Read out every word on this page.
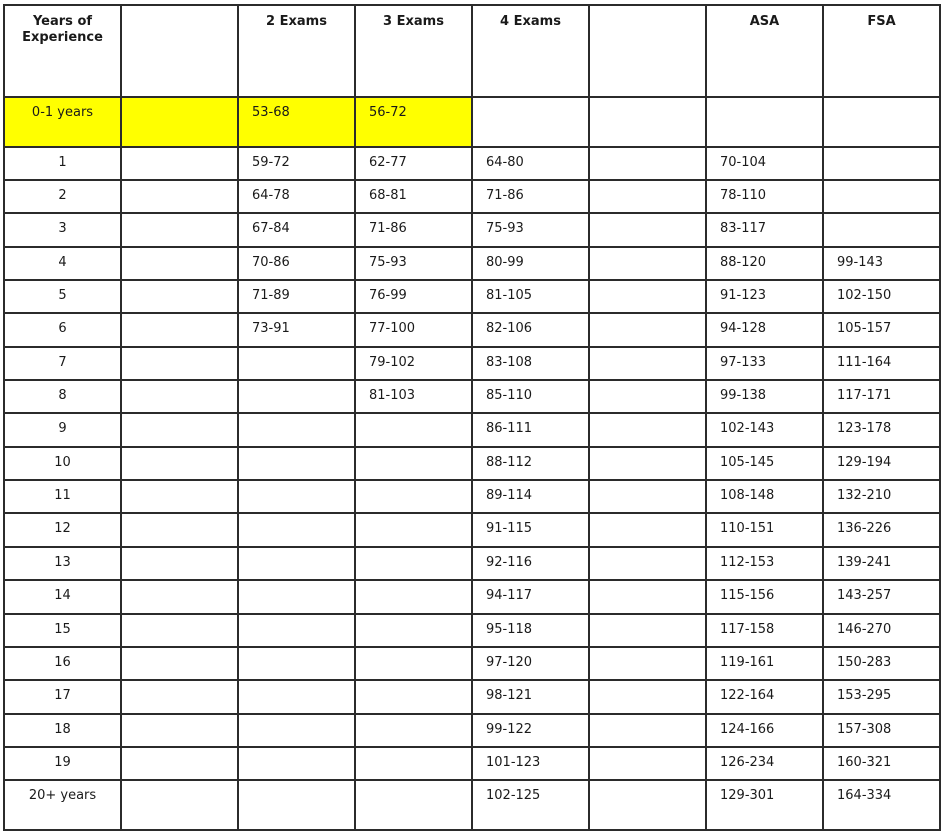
Years of Experience		2 Exams	3 Exams	4 Exams		ASA	FSA
0-1 years		53-68	56-72				
1		59-72	62-77	64-80		70-104	
2		64-78	68-81	71-86		78-110	
3		67-84	71-86	75-93		83-117	
4		70-86	75-93	80-99		88-120	99-143
5		71-89	76-99	81-105		91-123	102-150
6		73-91	77-100	82-106		94-128	105-157
7			79-102	83-108		97-133	111-164
8			81-103	85-110		99-138	117-171
9				86-111		102-143	123-178
10				88-112		105-145	129-194
11				89-114		108-148	132-210
12				91-115		110-151	136-226
13				92-116		112-153	139-241
14				94-117		115-156	143-257
15				95-118		117-158	146-270
16				97-120		119-161	150-283
17				98-121		122-164	153-295
18				99-122		124-166	157-308
19				101-123		126-234	160-321
20+ years				102-125		129-301	164-334
